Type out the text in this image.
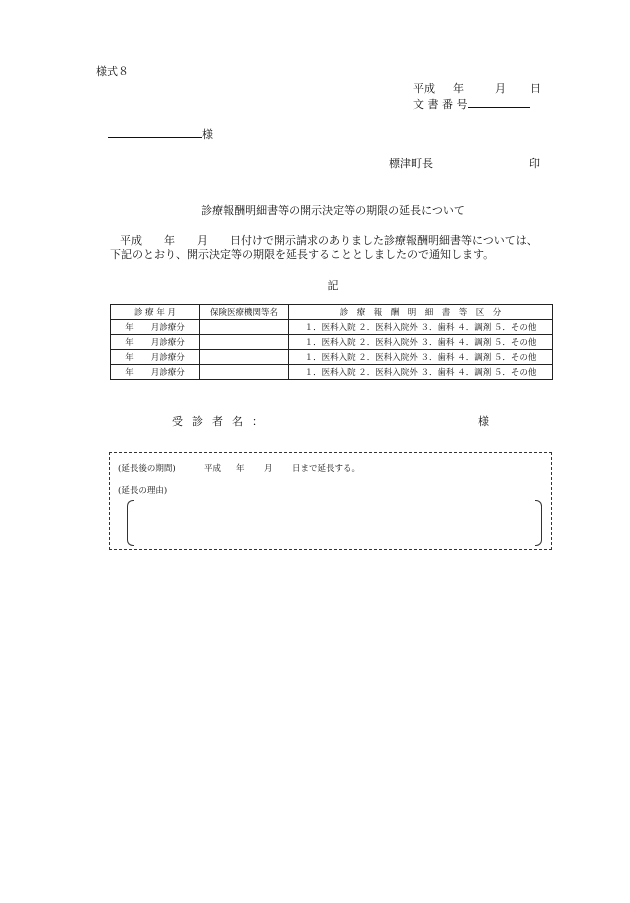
様式８
平成 年	月 日
文 書 番 号
様
標津町長	印
診療報酬明細書等の開示決定等の期限の延長について
平成　　年　　月　　日付けで開示請求のありました診療報酬明細書等については、
下記のとおり、開示決定等の期限を延長することとしましたので通知します。
記
診 療 年 月	保険医療機関等名	診　療　報　酬　明　細　書　等　区　分
年　　月診療分		１．医科入院 ２．医科入院外 ３．歯科 ４．調剤 ５．その他
年　　月診療分		１．医科入院 ２．医科入院外 ３．歯科 ４．調剤 ５．その他
年　　月診療分		１．医科入院 ２．医科入院外 ３．歯科 ４．調剤 ５．その他
年　　月診療分		１．医科入院 ２．医科入院外 ３．歯科 ４．調剤 ５．その他
受診者名：	様
(延長後の期間)	平成 年 月 日まで延長する。
(延長の理由)
